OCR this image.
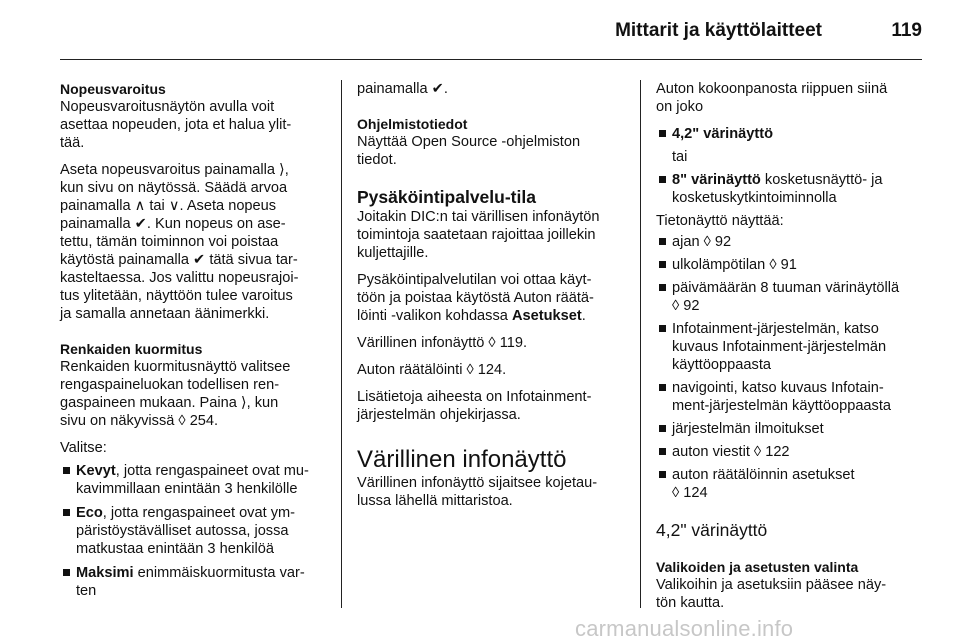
Mittarit ja käyttölaitteet	119
Nopeusvaroitus
Nopeusvaroitusnäytön avulla voit
asettaa nopeuden, jota et halua ylit‐
tää.
Aseta nopeusvaroitus painamalla ⟩,
kun sivu on näytössä. Säädä arvoa
painamalla ∧ tai ∨. Aseta nopeus
painamalla ✔. Kun nopeus on ase‐
tettu, tämän toiminnon voi poistaa
käytöstä painamalla ✔ tätä sivua tar‐
kasteltaessa. Jos valittu nopeusrajoi‐
tus ylitetään, näyttöön tulee varoitus
ja samalla annetaan äänimerkki.
Renkaiden kuormitus
Renkaiden kuormitusnäyttö valitsee
rengaspaineluokan todellisen ren‐
gaspaineen mukaan. Paina ⟩, kun
sivu on näkyvissä ◊ 254.
Valitse:
Kevyt, jotta rengaspaineet ovat mu‐
kavimmillaan enintään 3 henkilölle
Eco, jotta rengaspaineet ovat ym‐
päristöystävälliset autossa, jossa
matkustaa enintään 3 henkilöä
Maksimi enimmäiskuormitusta var‐
ten
painamalla ✔.
Ohjelmistotiedot
Näyttää Open Source -ohjelmiston
tiedot.
Pysäköintipalvelu-tila
Joitakin DIC:n tai värillisen infonäytön
toimintoja saatetaan rajoittaa joillekin
kuljettajille.
Pysäköintipalvelutilan voi ottaa käyt‐
töön ja poistaa käytöstä Auton räätä‐
löinti -valikon kohdassa Asetukset.
Värillinen infonäyttö ◊ 119.
Auton räätälöinti ◊ 124.
Lisätietoja aiheesta on Infotainment-
järjestelmän ohjekirjassa.
Värillinen infonäyttö
Värillinen infonäyttö sijaitsee kojetau‐
lussa lähellä mittaristoa.
Auton kokoonpanosta riippuen siinä
on joko
4,2" värinäyttö
tai
8" värinäyttö kosketusnäyttö- ja
kosketuskytkintoiminnolla
Tietonäyttö näyttää:
ajan ◊ 92
ulkolämpötilan ◊ 91
päivämäärän 8 tuuman värinäytöllä
◊ 92
Infotainment-järjestelmän, katso
kuvaus Infotainment-järjestelmän
käyttöoppaasta
navigointi, katso kuvaus Infotain‐
ment-järjestelmän käyttöoppaasta
järjestelmän ilmoitukset
auton viestit ◊ 122
auton räätälöinnin asetukset
◊ 124
4,2" värinäyttö
Valikoiden ja asetusten valinta
Valikoihin ja asetuksiin pääsee näy‐
tön kautta.
carmanualsonline.info
